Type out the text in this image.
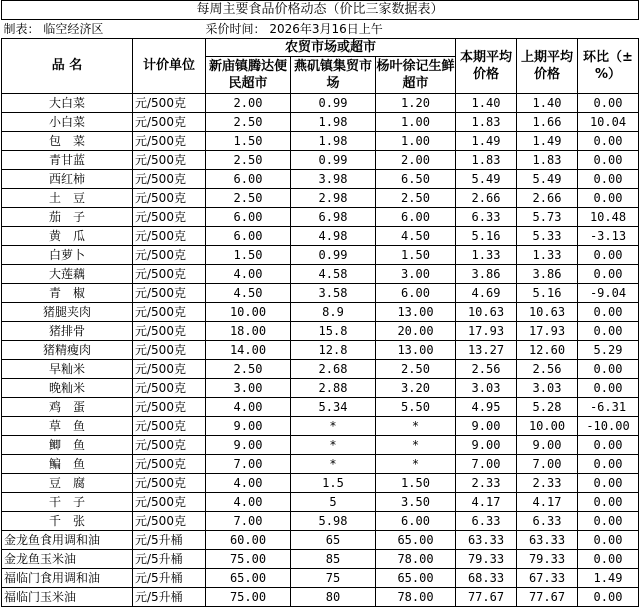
每周主要食品价格动态（价比三家数据表）							
制表： 临空经济区		采价时间： 2026年3月16日上午					
品 名	计价单位	农贸市场或超市			本期平均价格	上期平均价格	环比（±%）
		新庙镇腾达便民超市	燕矶镇集贸市场	杨叶徐记生鲜超市			
大白菜	元/500克	2.00	0.99	1.20	1.40	1.40	0.00
小白菜	元/500克	2.50	1.98	1.00	1.83	1.66	10.04
包　菜	元/500克	1.50	1.98	1.00	1.49	1.49	0.00
青甘蓝	元/500克	2.50	0.99	2.00	1.83	1.83	0.00
西红柿	元/500克	6.00	3.98	6.50	5.49	5.49	0.00
土　豆	元/500克	2.50	2.98	2.50	2.66	2.66	0.00
茄　子	元/500克	6.00	6.98	6.00	6.33	5.73	10.48
黄　瓜	元/500克	6.00	4.98	4.50	5.16	5.33	-3.13
白萝卜	元/500克	1.50	0.99	1.50	1.33	1.33	0.00
大莲藕	元/500克	4.00	4.58	3.00	3.86	3.86	0.00
青　椒	元/500克	4.50	3.58	6.00	4.69	5.16	-9.04
猪腿夹肉	元/500克	10.00	8.9	13.00	10.63	10.63	0.00
猪排骨	元/500克	18.00	15.8	20.00	17.93	17.93	0.00
猪精瘦肉	元/500克	14.00	12.8	13.00	13.27	12.60	5.29
早籼米	元/500克	2.50	2.68	2.50	2.56	2.56	0.00
晚籼米	元/500克	3.00	2.88	3.20	3.03	3.03	0.00
鸡　蛋	元/500克	4.00	5.34	5.50	4.95	5.28	-6.31
草　鱼	元/500克	9.00	*	*	9.00	10.00	-10.00
鲫　鱼	元/500克	9.00	*	*	9.00	9.00	0.00
鳊　鱼	元/500克	7.00	*	*	7.00	7.00	0.00
豆　腐	元/500克	4.00	1.5	1.50	2.33	2.33	0.00
干　子	元/500克	4.00	5	3.50	4.17	4.17	0.00
千　张	元/500克	7.00	5.98	6.00	6.33	6.33	0.00
金龙鱼食用调和油	元/5升桶	60.00	65	65.00	63.33	63.33	0.00
金龙鱼玉米油	元/5升桶	75.00	85	78.00	79.33	79.33	0.00
福临门食用调和油	元/5升桶	65.00	75	65.00	68.33	67.33	1.49
福临门玉米油	元/5升桶	75.00	80	78.00	77.67	77.67	0.00
